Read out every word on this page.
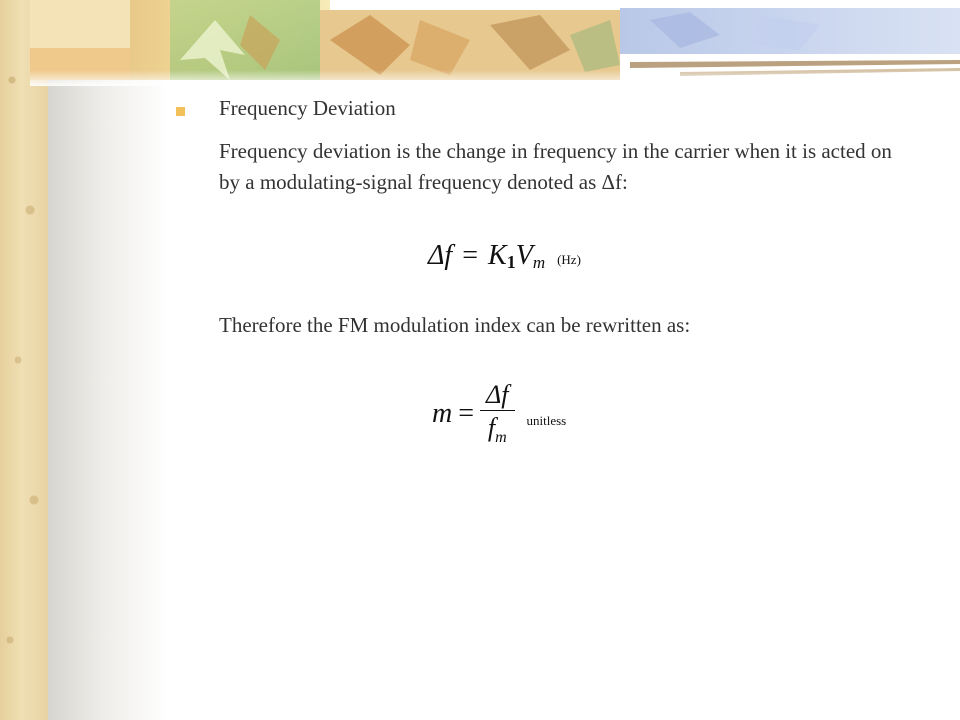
Frequency Deviation
Frequency deviation is the change in frequency in the carrier when it is acted on by a modulating-signal frequency denoted as Δf:
$\Delta f = K_1V_m$ (Hz)
Therefore the FM modulation index can be rewritten as:
$m = \frac{\Delta f}{f_m}$ unitless
